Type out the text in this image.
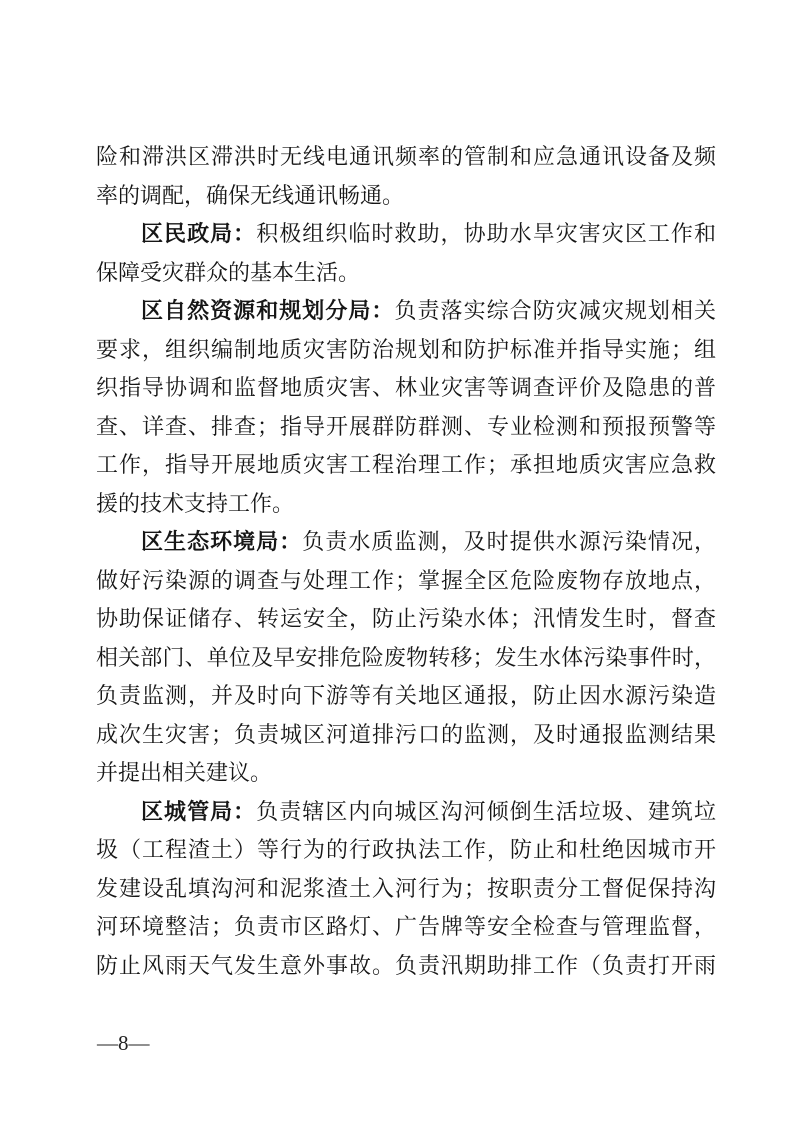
险和滞洪区滞洪时无线电通讯频率的管制和应急通讯设备及频
率的调配，确保无线通讯畅通。
区民政局：积极组织临时救助，协助水旱灾害灾区工作和
保障受灾群众的基本生活。
区自然资源和规划分局：负责落实综合防灾减灾规划相关
要求，组织编制地质灾害防治规划和防护标准并指导实施；组
织指导协调和监督地质灾害、林业灾害等调查评价及隐患的普
查、详查、排查；指导开展群防群测、专业检测和预报预警等
工作，指导开展地质灾害工程治理工作；承担地质灾害应急救
援的技术支持工作。
区生态环境局：负责水质监测，及时提供水源污染情况，
做好污染源的调查与处理工作；掌握全区危险废物存放地点，
协助保证储存、转运安全，防止污染水体；汛情发生时，督查
相关部门、单位及早安排危险废物转移；发生水体污染事件时，
负责监测，并及时向下游等有关地区通报，防止因水源污染造
成次生灾害；负责城区河道排污口的监测，及时通报监测结果
并提出相关建议。
区城管局：负责辖区内向城区沟河倾倒生活垃圾、建筑垃
圾（工程渣土）等行为的行政执法工作，防止和杜绝因城市开
发建设乱填沟河和泥浆渣土入河行为；按职责分工督促保持沟
河环境整洁；负责市区路灯、广告牌等安全检查与管理监督，
防止风雨天气发生意外事故。负责汛期助排工作（负责打开雨
—8—
